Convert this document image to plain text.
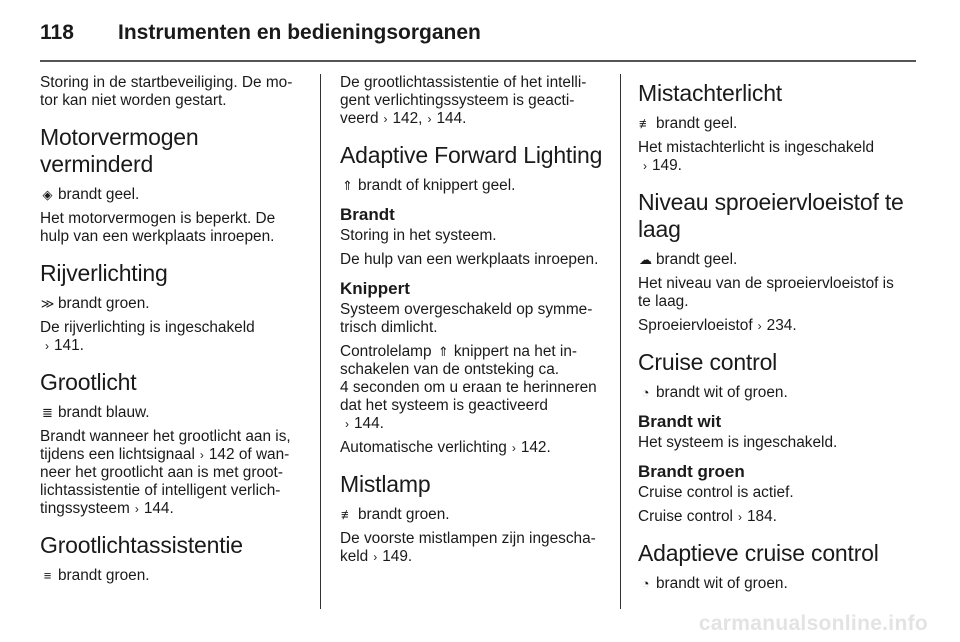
118	Instrumenten en bedieningsorganen

Storing in de startbeveiliging. De mo-
tor kan niet worden gestart.

Motorvermogen
verminderd

◈ brandt geel.

Het motorvermogen is beperkt. De
hulp van een werkplaats inroepen.

Rijverlichting

≫ brandt groen.

De rijverlichting is ingeschakeld
› 141.

Grootlicht

≣ brandt blauw.

Brandt wanneer het grootlicht aan is,
tijdens een lichtsignaal › 142 of wan-
neer het grootlicht aan is met groot-
lichtassistentie of intelligent verlich-
tingssysteem › 144.

Grootlichtassistentie

≡ brandt groen.

De grootlichtassistentie of het intelli-
gent verlichtingssysteem is geacti-
veerd › 142, › 144.

Adaptive Forward Lighting

⇑ brandt of knippert geel.

Brandt

Storing in het systeem.

De hulp van een werkplaats inroepen.

Knippert

Systeem overgeschakeld op symme-
trisch dimlicht.

Controlelamp ⇑ knippert na het in-
schakelen van de ontsteking ca.
4 seconden om u eraan te herinneren
dat het systeem is geactiveerd
› 144.

Automatische verlichting › 142.

Mistlamp

≢ brandt groen.

De voorste mistlampen zijn ingescha-
keld › 149.

Mistachterlicht

≢ brandt geel.

Het mistachterlicht is ingeschakeld
› 149.

Niveau sproeiervloeistof te
laag

☁ brandt geel.

Het niveau van de sproeiervloeistof is
te laag.

Sproeiervloeistof › 234.

Cruise control

◔ brandt wit of groen.

Brandt wit

Het systeem is ingeschakeld.

Brandt groen

Cruise control is actief.

Cruise control › 184.

Adaptieve cruise control

◔ brandt wit of groen.

carmanualsonline.info
